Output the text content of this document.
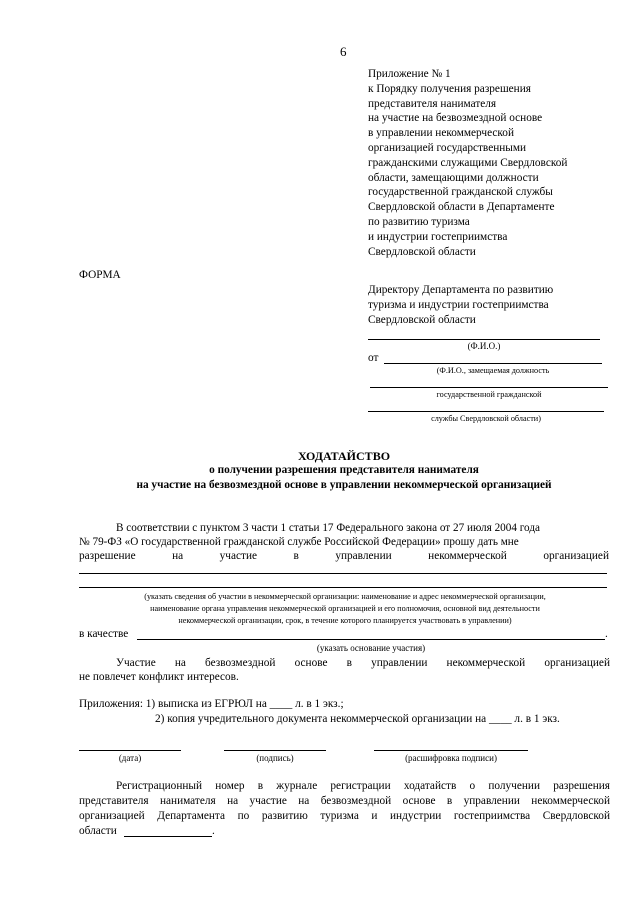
6
Приложение № 1
к Порядку получения разрешения
представителя нанимателя
на участие на безвозмездной основе
в управлении некоммерческой
организацией государственными
гражданскими служащими Свердловской
области, замещающими должности
государственной гражданской службы
Свердловской области в Департаменте
по развитию туризма
и индустрии гостеприимства
Свердловской области
ФОРМА
Директору Департамента по развитию
туризма и индустрии гостеприимства
Свердловской области
(Ф.И.О.)
от
(Ф.И.О., замещаемая должность
государственной гражданской
службы Свердловской области)
ХОДАТАЙСТВО
о получении разрешения представителя нанимателя
на участие на безвозмездной основе в управлении некоммерческой организацией
В соответствии с пунктом 3 части 1 статьи 17 Федерального закона от 27 июля 2004 года
№ 79-ФЗ «О государственной гражданской службе Российской Федерации» прошу дать мне
разрешение на участие в управлении некоммерческой организацией
(указать сведения об участии в некоммерческой организации: наименование и адрес некоммерческой организации,
наименование органа управления некоммерческой организацией и его полномочия, основной вид деятельности
некоммерческой организации, срок, в течение которого планируется участвовать в управлении)
в качестве	.
(указать основание участия)
Участие на безвозмездной основе в управлении некоммерческой организацией
не повлечет конфликт интересов.
Приложения: 1) выписка из ЕГРЮЛ на ____ л. в 1 экз.;
2) копия учредительного документа некоммерческой организации на ____ л. в 1 экз.
(дата)	(подпись)	(расшифровка подписи)
Регистрационный номер в журнале регистрации ходатайств о получении разрешения
представителя нанимателя на участие на безвозмездной основе в управлении некоммерческой
организацией Департамента по развитию туризма и индустрии гостеприимства Свердловской
области	.
